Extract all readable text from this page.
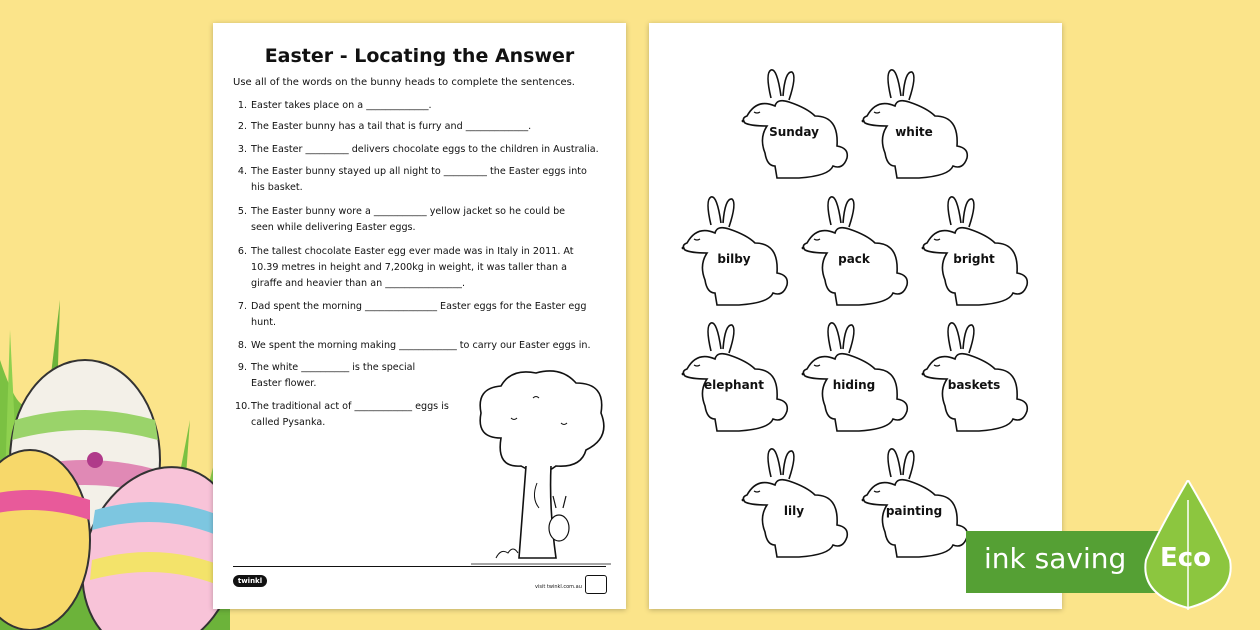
Easter - Locating the Answer
Use all of the words on the bunny heads to complete the sentences.
1. Easter takes place on a _____________.
2. The Easter bunny has a tail that is furry and _____________.
3. The Easter _________ delivers chocolate eggs to the children in Australia.
4. The Easter bunny stayed up all night to _________ the Easter eggs into his basket.
5. The Easter bunny wore a ___________ yellow jacket so he could be seen while delivering Easter eggs.
6. The tallest chocolate Easter egg ever made was in Italy in 2011. At 10.39 metres in height and 7,200kg in weight, it was taller than a giraffe and heavier than an ________________.
7. Dad spent the morning _______________ Easter eggs for the Easter egg hunt.
8. We spent the morning making ____________ to carry our Easter eggs in.
9. The white __________ is the special Easter flower.
10. The traditional act of ____________ eggs is called Pysanka.
twinkl
visit twinkl.com.au
Sunday	white
bilby	pack	bright
elephant	hiding	baskets
lily	painting
ink saving Eco
